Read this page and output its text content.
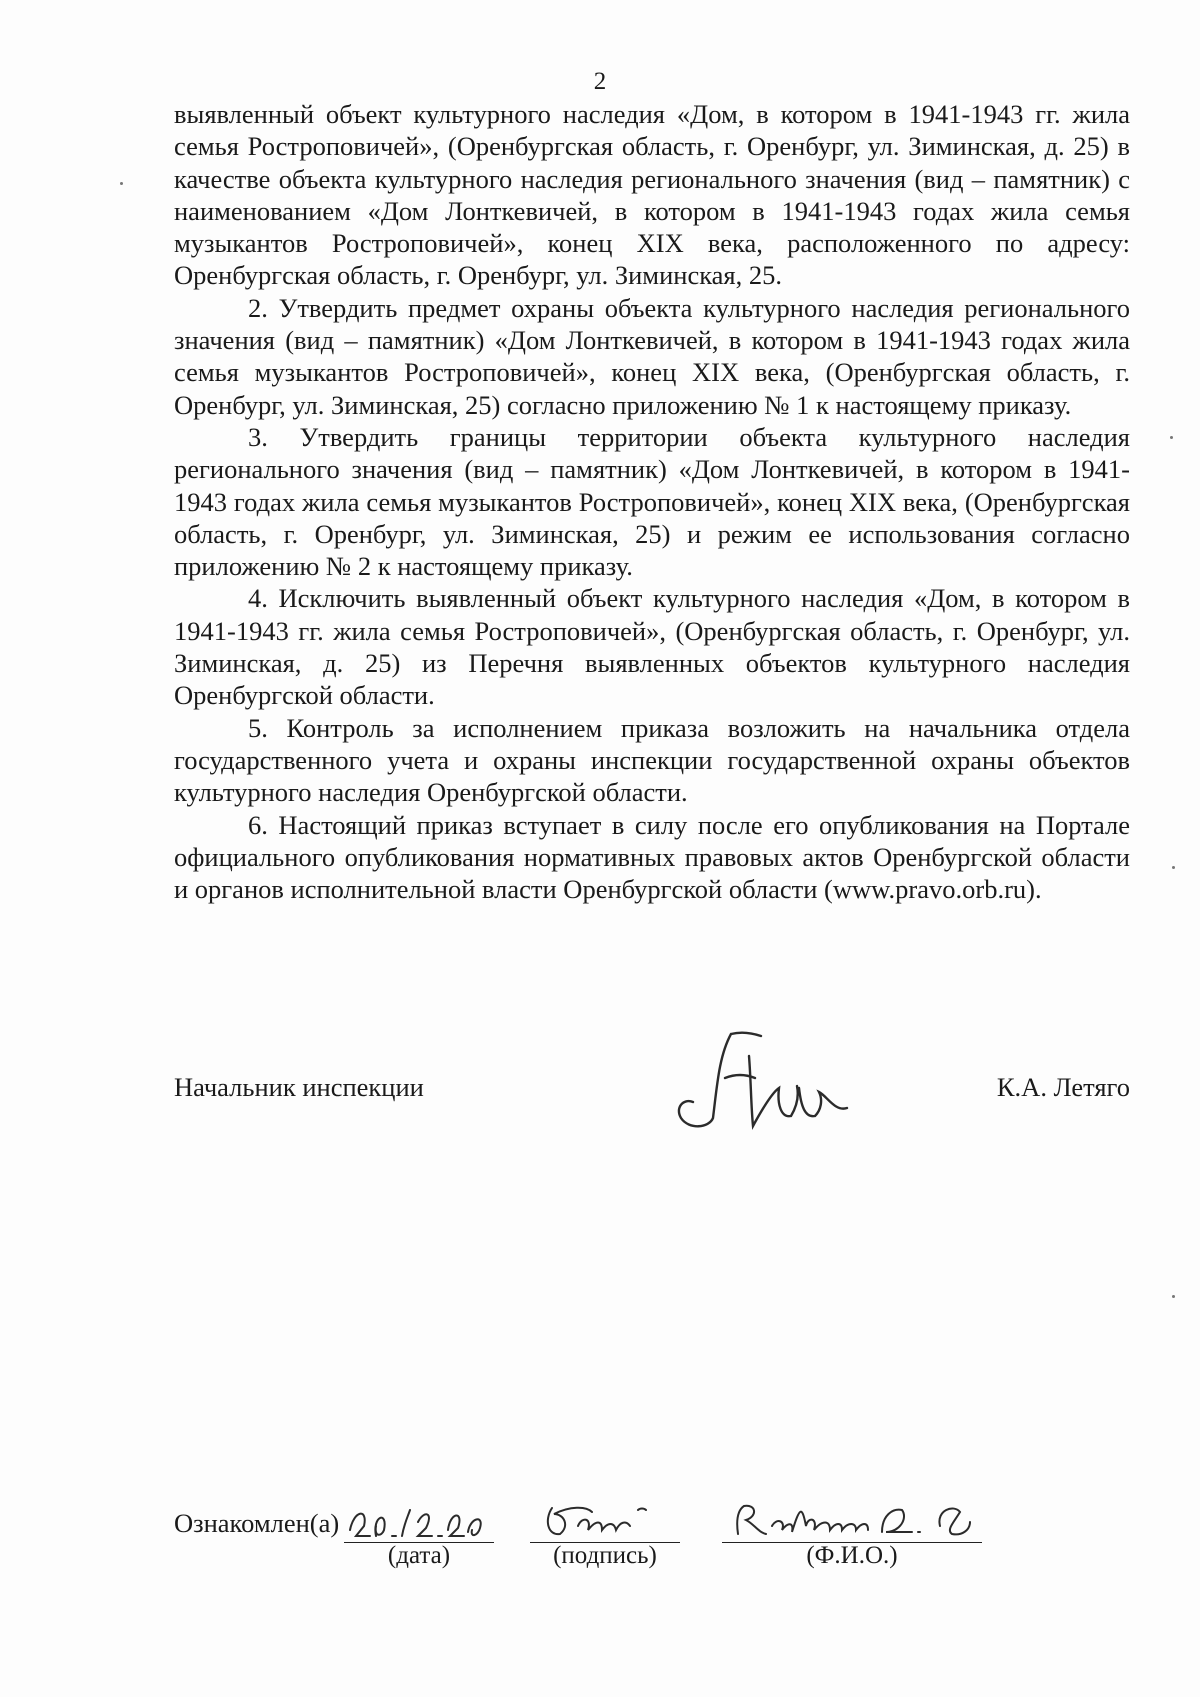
2

выявленный объект культурного наследия «Дом, в котором в 1941-1943 гг. жила семья Ростроповичей», (Оренбургская область, г. Оренбург, ул. Зиминская, д. 25) в качестве объекта культурного наследия регионального значения (вид – памятник) с наименованием «Дом Лонткевичей, в котором в 1941-1943 годах жила семья музыкантов Ростроповичей», конец XIX века, расположенного по адресу: Оренбургская область, г. Оренбург, ул. Зиминская, 25.

2. Утвердить предмет охраны объекта культурного наследия регионального значения (вид – памятник) «Дом Лонткевичей, в котором в 1941-1943 годах жила семья музыкантов Ростроповичей», конец XIX века, (Оренбургская область, г. Оренбург, ул. Зиминская, 25) согласно приложению № 1 к настоящему приказу.

3. Утвердить границы территории объекта культурного наследия регионального значения (вид – памятник) «Дом Лонткевичей, в котором в 1941-1943 годах жила семья музыкантов Ростроповичей», конец XIX века, (Оренбургская область, г. Оренбург, ул. Зиминская, 25) и режим ее использования согласно приложению № 2 к настоящему приказу.

4. Исключить выявленный объект культурного наследия «Дом, в котором в 1941-1943 гг. жила семья Ростроповичей», (Оренбургская область, г. Оренбург, ул. Зиминская, д. 25) из Перечня выявленных объектов культурного наследия Оренбургской области.

5. Контроль за исполнением приказа возложить на начальника отдела государственного учета и охраны инспекции государственной охраны объектов культурного наследия Оренбургской области.

6. Настоящий приказ вступает в силу после его опубликования на Портале официального опубликования нормативных правовых актов Оренбургской области и органов исполнительной власти Оренбургской области (www.pravo.orb.ru).

Начальник инспекции	К.А. Летяго
Ознакомлен(а)
(дата)	(подпись)	(Ф.И.О.)
